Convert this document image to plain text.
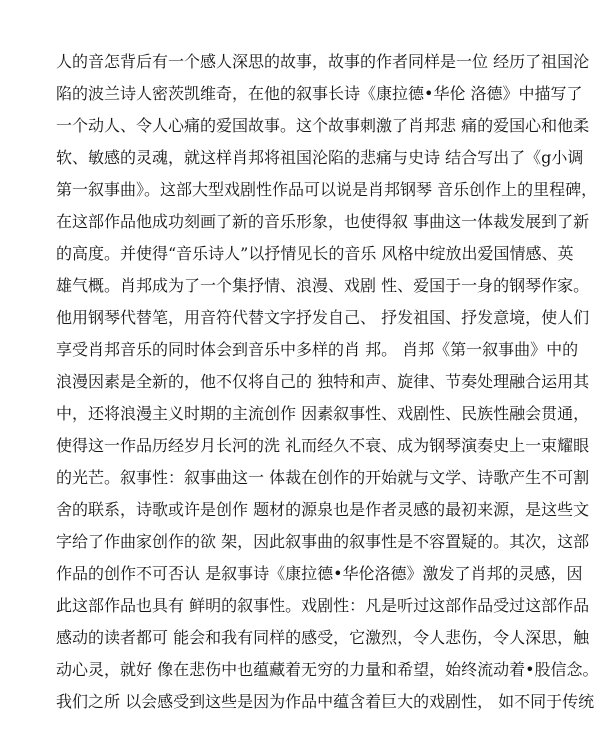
人的音怎背后有一个感人深思的故事，故事的作者同样是一位 经历了祖国沦
陷的波兰诗人密茨凯维奇，在他的叙事长诗《康拉德•华伦 洛德》中描写了
一个动人、令人心痛的爱国故事。这个故事刺激了肖邦悲 痛的爱国心和他柔
软、敏感的灵魂，就这样肖邦将祖国沦陷的悲痛与史诗 结合写出了《g小调
第一叙事曲》。这部大型戏剧性作品可以说是肖邦钢琴 音乐创作上的里程碑，
在这部作品他成功刻画了新的音乐形象，也使得叙 事曲这一体裁发展到了新
的高度。并使得“音乐诗人”以抒情见长的音乐 风格中绽放出爱国情感、英
雄气概。肖邦成为了一个集抒情、浪漫、戏剧 性、爱国于一身的钢琴作家。
他用钢琴代替笔，用音符代替文字抒发自己、 抒发祖国、抒发意境，使人们
享受肖邦音乐的同时体会到音乐中多样的肖 邦。 肖邦《第一叙事曲》中的
浪漫因素是全新的，他不仅将自己的 独特和声、旋律、节奏处理融合运用其
中，还将浪漫主义时期的主流创作 因素叙事性、戏剧性、民族性融会贯通，
使得这一作品历经岁月长河的洗 礼而经久不衰、成为钢琴演奏史上一束耀眼
的光芒。叙事性：叙事曲这一 体裁在创作的开始就与文学、诗歌产生不可割
舍的联系，诗歌或许是创作 题材的源泉也是作者灵感的最初来源，是这些文
字给了作曲家创作的欲 架，因此叙事曲的叙事性是不容置疑的。其次，这部
作品的创作不可否认 是叙事诗《康拉德•华伦洛德》激发了肖邦的灵感，因
此这部作品也具有 鲜明的叙事性。戏剧性：凡是听过这部作品受过这部作品
感动的读者都可 能会和我有同样的感受，它激烈，令人悲伤，令人深思，触
动心灵，就好 像在悲伤中也蕴藏着无穷的力量和希望，始终流动着•股信念。
我们之所 以会感受到这些是因为作品中蕴含着巨大的戏剧性， 如不同于传统
